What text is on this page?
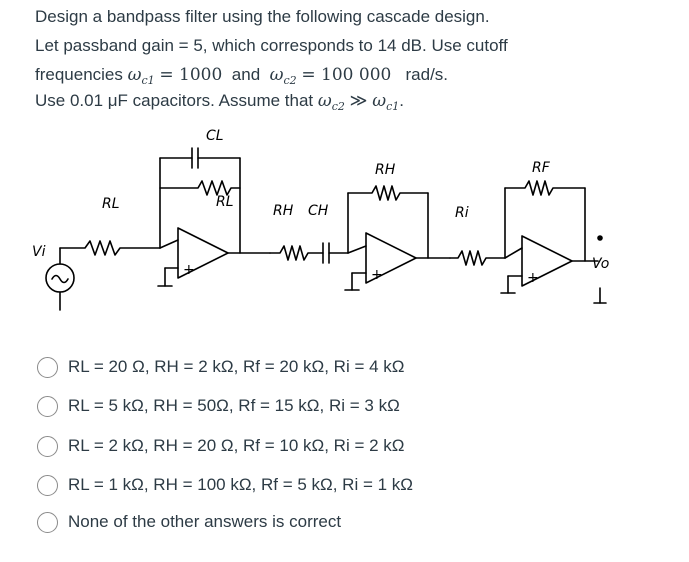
Design a bandpass filter using the following cascade design.
Let passband gain = 5, which corresponds to 14 dB. Use cutoff
frequencies $\omega_{c1} = 1000$ and $\omega_{c2} = 100$ 000 rad/s.
Use 0.01 μF capacitors. Assume that $\omega_{c2}$ ≫ $\omega_{c1}$.
+	+	+
CL
RL
RL	RH CH
RH
Ri
RF
Vi
Vo
RL = 20 Ω, RH = 2 kΩ, Rf = 20 kΩ, Ri = 4 kΩ
RL = 5 kΩ, RH = 50Ω, Rf = 15 kΩ, Ri = 3 kΩ
RL = 2 kΩ, RH = 20 Ω, Rf = 10 kΩ, Ri = 2 kΩ
RL = 1 kΩ, RH = 100 kΩ, Rf = 5 kΩ, Ri = 1 kΩ
None of the other answers is correct
